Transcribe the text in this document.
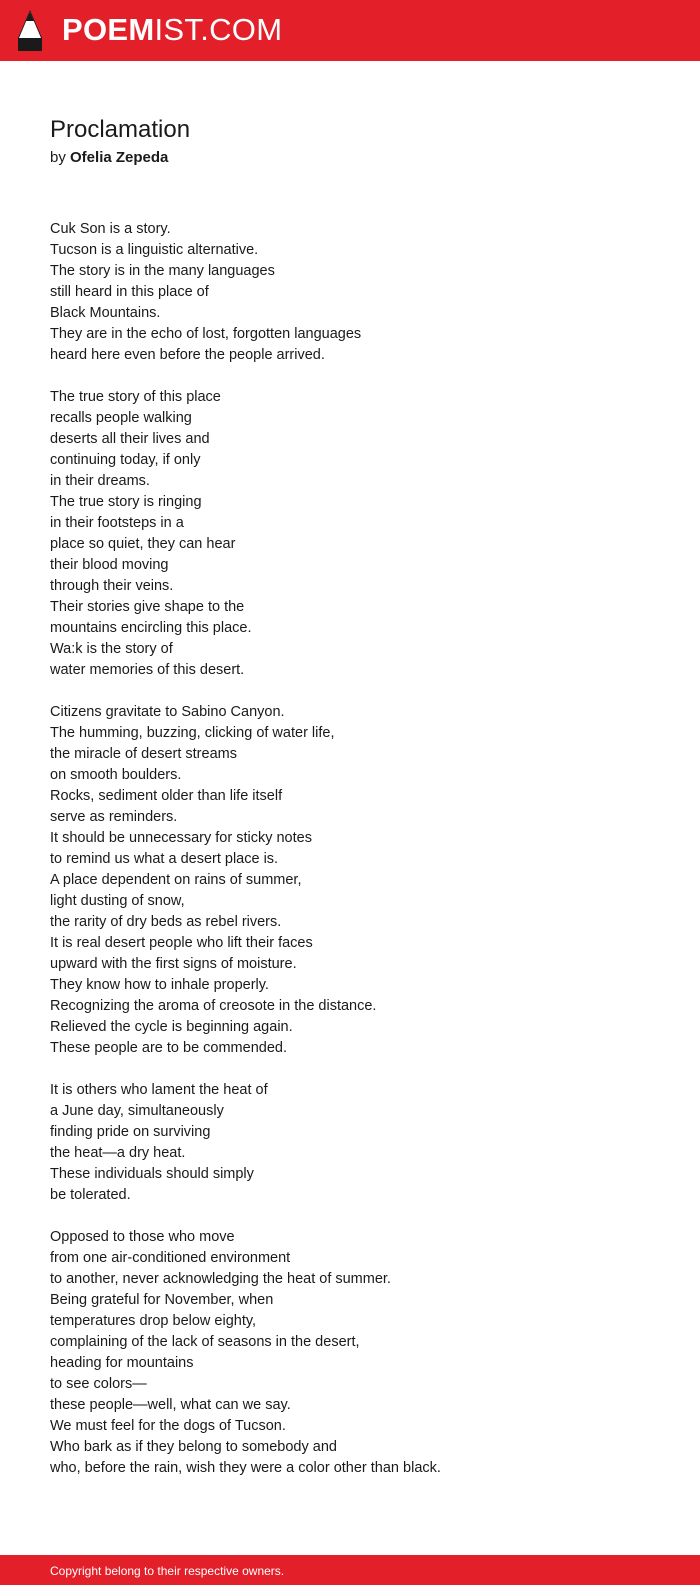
POEMIST.COM
Proclamation
by Ofelia Zepeda
Cuk Son is a story.
Tucson is a linguistic alternative.
The story is in the many languages
still heard in this place of
Black Mountains.
They are in the echo of lost, forgotten languages
heard here even before the people arrived.
The true story of this place
recalls people walking
deserts all their lives and
continuing today, if only
in their dreams.
The true story is ringing
in their footsteps in a
place so quiet, they can hear
their blood moving
through their veins.
Their stories give shape to the
mountains encircling this place.
Wa:k is the story of
water memories of this desert.
Citizens gravitate to Sabino Canyon.
The humming, buzzing, clicking of water life,
the miracle of desert streams
on smooth boulders.
Rocks, sediment older than life itself
serve as reminders.
It should be unnecessary for sticky notes
to remind us what a desert place is.
A place dependent on rains of summer,
light dusting of snow,
the rarity of dry beds as rebel rivers.
It is real desert people who lift their faces
upward with the first signs of moisture.
They know how to inhale properly.
Recognizing the aroma of creosote in the distance.
Relieved the cycle is beginning again.
These people are to be commended.
It is others who lament the heat of
a June day, simultaneously
finding pride on surviving
the heat—a dry heat.
These individuals should simply
be tolerated.
Opposed to those who move
from one air-conditioned environment
to another, never acknowledging the heat of summer.
Being grateful for November, when
temperatures drop below eighty,
complaining of the lack of seasons in the desert,
heading for mountains
to see colors—
these people—well, what can we say.
We must feel for the dogs of Tucson.
Who bark as if they belong to somebody and
who, before the rain, wish they were a color other than black.
Copyright belong to their respective owners.
